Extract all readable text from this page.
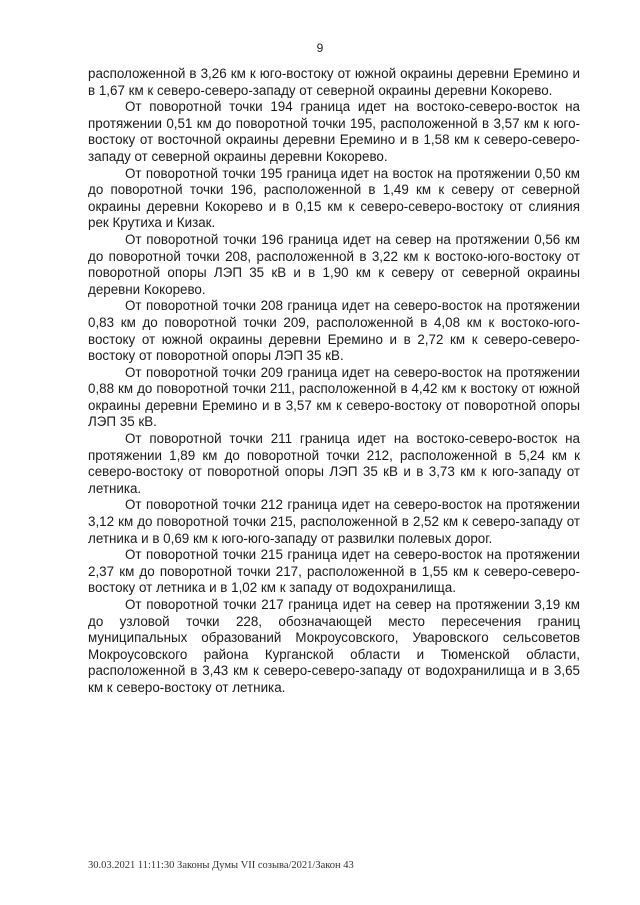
9

расположенной в 3,26 км к юго-востоку от южной окраины деревни Еремино и в 1,67 км к северо-северо-западу от северной окраины деревни Кокорево.

От поворотной точки 194 граница идет на востоко-северо-восток на протяжении 0,51 км до поворотной точки 195, расположенной в 3,57 км к юго-востоку от восточной окраины деревни Еремино и в 1,58 км к северо-северо-западу от северной окраины деревни Кокорево.

От поворотной точки 195 граница идет на восток на протяжении 0,50 км до поворотной точки 196, расположенной в 1,49 км к северу от северной окраины деревни Кокорево и в 0,15 км к северо-северо-востоку от слияния рек Крутиха и Кизак.

От поворотной точки 196 граница идет на север на протяжении 0,56 км до поворотной точки 208, расположенной в 3,22 км к востоко-юго-востоку от поворотной опоры ЛЭП 35 кВ и в 1,90 км к северу от северной окраины деревни Кокорево.

От поворотной точки 208 граница идет на северо-восток на протяжении 0,83 км до поворотной точки 209, расположенной в 4,08 км к востоко-юго-востоку от южной окраины деревни Еремино и в 2,72 км к северо-северо-востоку от поворотной опоры ЛЭП 35 кВ.

От поворотной точки 209 граница идет на северо-восток на протяжении 0,88 км до поворотной точки 211, расположенной в 4,42 км к востоку от южной окраины деревни Еремино и в 3,57 км к северо-востоку от поворотной опоры ЛЭП 35 кВ.

От поворотной точки 211 граница идет на востоко-северо-восток на протяжении 1,89 км до поворотной точки 212, расположенной в 5,24 км к северо-востоку от поворотной опоры ЛЭП 35 кВ и в 3,73 км к юго-западу от летника.

От поворотной точки 212 граница идет на северо-восток на протяжении 3,12 км до поворотной точки 215, расположенной в 2,52 км к северо-западу от летника и в 0,69 км к юго-юго-западу от развилки полевых дорог.

От поворотной точки 215 граница идет на северо-восток на протяжении 2,37 км до поворотной точки 217, расположенной в 1,55 км к северо-северо-востоку от летника и в 1,02 км к западу от водохранилища.

От поворотной точки 217 граница идет на север на протяжении 3,19 км до узловой точки 228, обозначающей место пересечения границ муниципальных образований Мокроусовского, Уваровского сельсоветов Мокроусовского района Курганской области и Тюменской области, расположенной в 3,43 км к северо-северо-западу от водохранилища и в 3,65 км к северо-востоку от летника.

30.03.2021 11:11:30 Законы Думы VII созыва/2021/Закон 43
